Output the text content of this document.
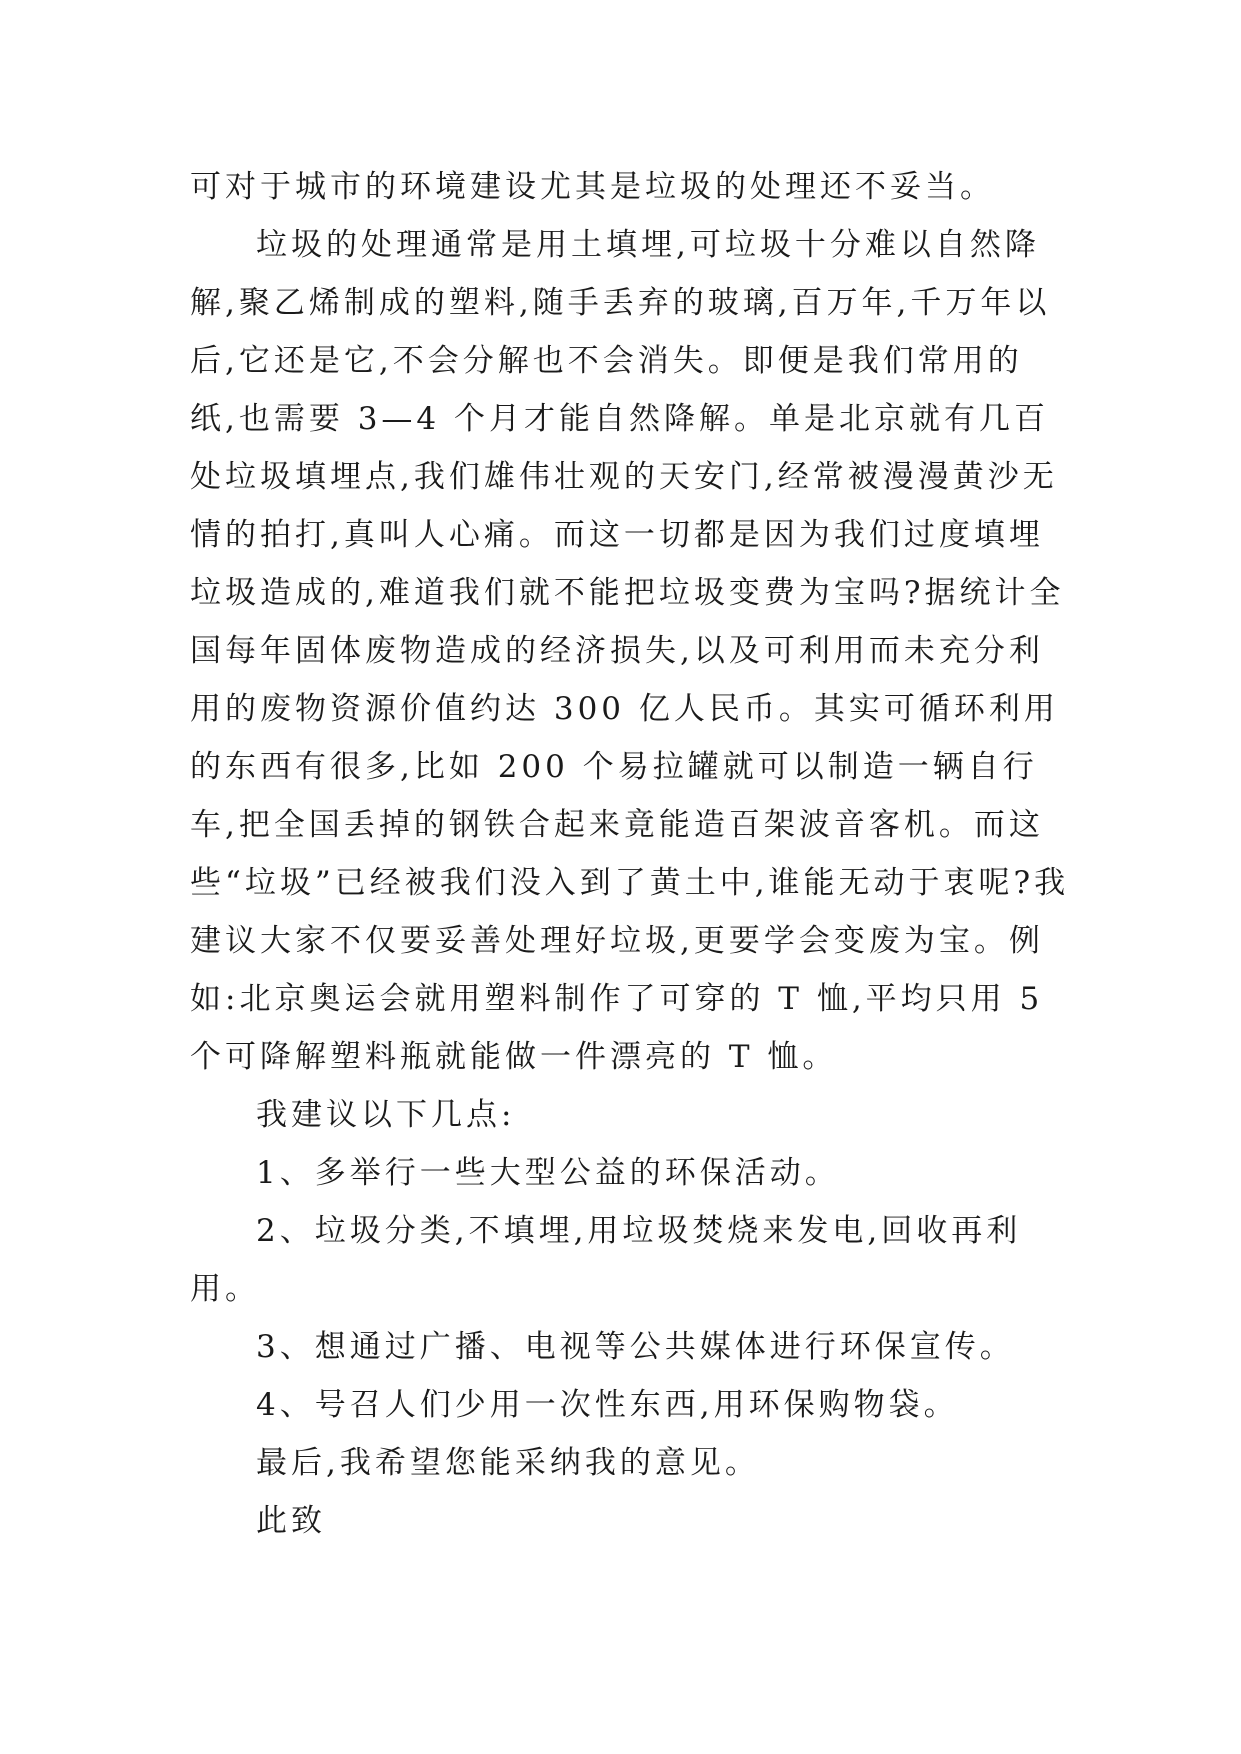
可对于城市的环境建设尤其是垃圾的处理还不妥当。

垃圾的处理通常是用土填埋,可垃圾十分难以自然降解,聚乙烯制成的塑料,随手丢弃的玻璃,百万年,千万年以后,它还是它,不会分解也不会消失。即便是我们常用的纸,也需要 3—4 个月才能自然降解。单是北京就有几百处垃圾填埋点,我们雄伟壮观的天安门,经常被漫漫黄沙无情的拍打,真叫人心痛。而这一切都是因为我们过度填埋垃圾造成的,难道我们就不能把垃圾变费为宝吗?据统计全国每年固体废物造成的经济损失,以及可利用而未充分利用的废物资源价值约达 300 亿人民币。其实可循环利用的东西有很多,比如 200 个易拉罐就可以制造一辆自行车,把全国丢掉的钢铁合起来竟能造百架波音客机。而这些“垃圾”已经被我们没入到了黄土中,谁能无动于衷呢?我建议大家不仅要妥善处理好垃圾,更要学会变废为宝。例如:北京奥运会就用塑料制作了可穿的 T 恤,平均只用 5 个可降解塑料瓶就能做一件漂亮的 T 恤。

我建议以下几点:

1、多举行一些大型公益的环保活动。

2、垃圾分类,不填埋,用垃圾焚烧来发电,回收再利用。

3、想通过广播、电视等公共媒体进行环保宣传。

4、号召人们少用一次性东西,用环保购物袋。

最后,我希望您能采纳我的意见。

此致
